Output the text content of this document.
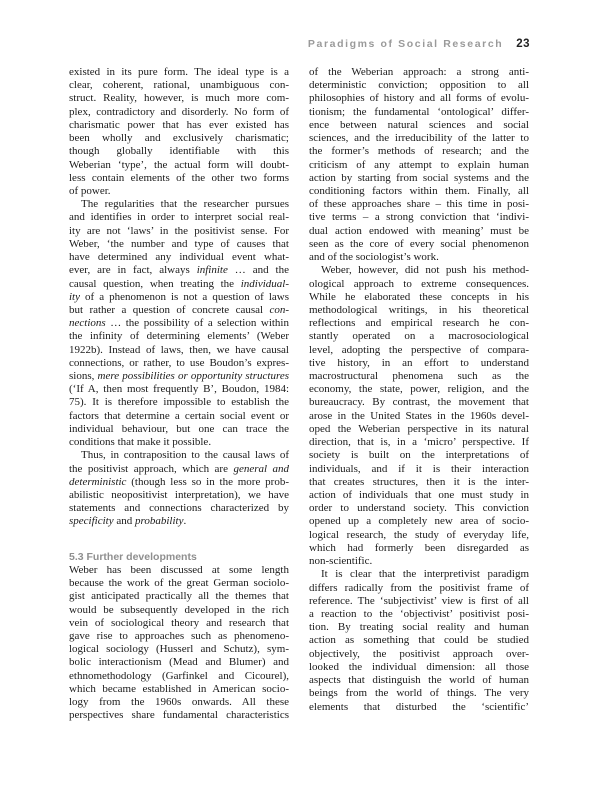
Paradigms of Social Research 23
existed in its pure form. The ideal type is a
clear, coherent, rational, unambiguous con-
struct. Reality, however, is much more com-
plex, contradictory and disorderly. No form of
charismatic power that has ever existed has
been wholly and exclusively charismatic;
though globally identifiable with this
Weberian ‘type’, the actual form will doubt-
less contain elements of the other two forms
of power.
The regularities that the researcher pursues
and identifies in order to interpret social real-
ity are not ‘laws’ in the positivist sense. For
Weber, ‘the number and type of causes that
have determined any individual event what-
ever, are in fact, always infinite … and the
causal question, when treating the individual-
ity of a phenomenon is not a question of laws
but rather a question of concrete causal con-
nections … the possibility of a selection within
the infinity of determining elements’ (Weber
1922b). Instead of laws, then, we have causal
connections, or rather, to use Boudon’s expres-
sions, mere possibilities or opportunity structures
(‘If A, then most frequently B’, Boudon, 1984:
75). It is therefore impossible to establish the
factors that determine a certain social event or
individual behaviour, but one can trace the
conditions that make it possible.
Thus, in contraposition to the causal laws of
the positivist approach, which are general and
deterministic (though less so in the more prob-
abilistic neopositivist interpretation), we have
statements and connections characterized by
specificity and probability.
5.3 Further developments
Weber has been discussed at some length
because the work of the great German sociolo-
gist anticipated practically all the themes that
would be subsequently developed in the rich
vein of sociological theory and research that
gave rise to approaches such as phenomeno-
logical sociology (Husserl and Schutz), sym-
bolic interactionism (Mead and Blumer) and
ethnomethodology (Garfinkel and Cicourel),
which became established in American socio-
logy from the 1960s onwards. All these
perspectives share fundamental characteristics
of the Weberian approach: a strong anti-
deterministic conviction; opposition to all
philosophies of history and all forms of evolu-
tionism; the fundamental ‘ontological’ differ-
ence between natural sciences and social
sciences, and the irreducibility of the latter to
the former’s methods of research; and the
criticism of any attempt to explain human
action by starting from social systems and the
conditioning factors within them. Finally, all
of these approaches share – this time in posi-
tive terms – a strong conviction that ‘indivi-
dual action endowed with meaning’ must be
seen as the core of every social phenomenon
and of the sociologist’s work.
Weber, however, did not push his method-
ological approach to extreme consequences.
While he elaborated these concepts in his
methodological writings, in his theoretical
reflections and empirical research he con-
stantly operated on a macrosociological
level, adopting the perspective of compara-
tive history, in an effort to understand
macrostructural phenomena such as the
economy, the state, power, religion, and the
bureaucracy. By contrast, the movement that
arose in the United States in the 1960s devel-
oped the Weberian perspective in its natural
direction, that is, in a ‘micro’ perspective. If
society is built on the interpretations of
individuals, and if it is their interaction
that creates structures, then it is the inter-
action of individuals that one must study in
order to understand society. This conviction
opened up a completely new area of socio-
logical research, the study of everyday life,
which had formerly been disregarded as
non-scientific.
It is clear that the interpretivist paradigm
differs radically from the positivist frame of
reference. The ‘subjectivist’ view is first of all
a reaction to the ‘objectivist’ positivist posi-
tion. By treating social reality and human
action as something that could be studied
objectively, the positivist approach over-
looked the individual dimension: all those
aspects that distinguish the world of human
beings from the world of things. The very
elements that disturbed the ‘scientific’
